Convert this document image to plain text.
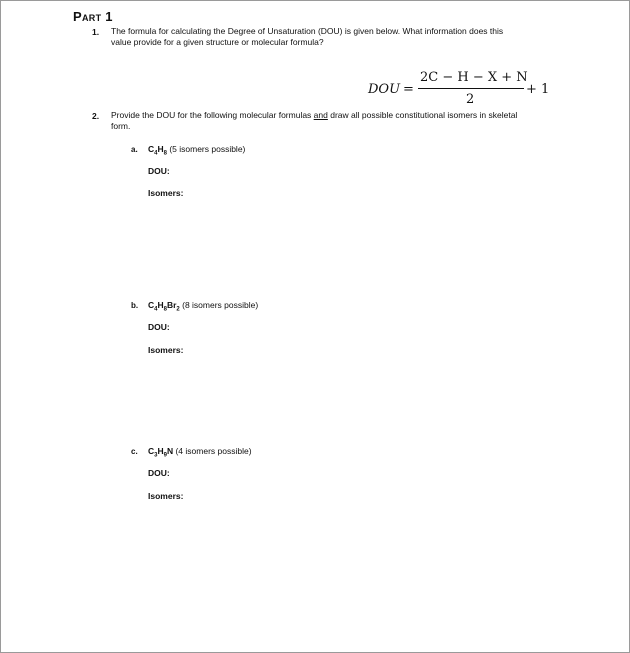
Part 1
1. The formula for calculating the Degree of Unsaturation (DOU) is given below. What information does this
value provide for a given structure or molecular formula?
DOU =
2C − H − X + N
2
+ 1
2. Provide the DOU for the following molecular formulas and draw all possible constitutional isomers in skeletal
form.
a. $C_4H_8$ (5 isomers possible)
DOU:
Isomers:
b. $C_4H_8Br_2$ (8 isomers possible)
DOU:
Isomers:
c. $C_3H_9N$ (4 isomers possible)
DOU:
Isomers:
